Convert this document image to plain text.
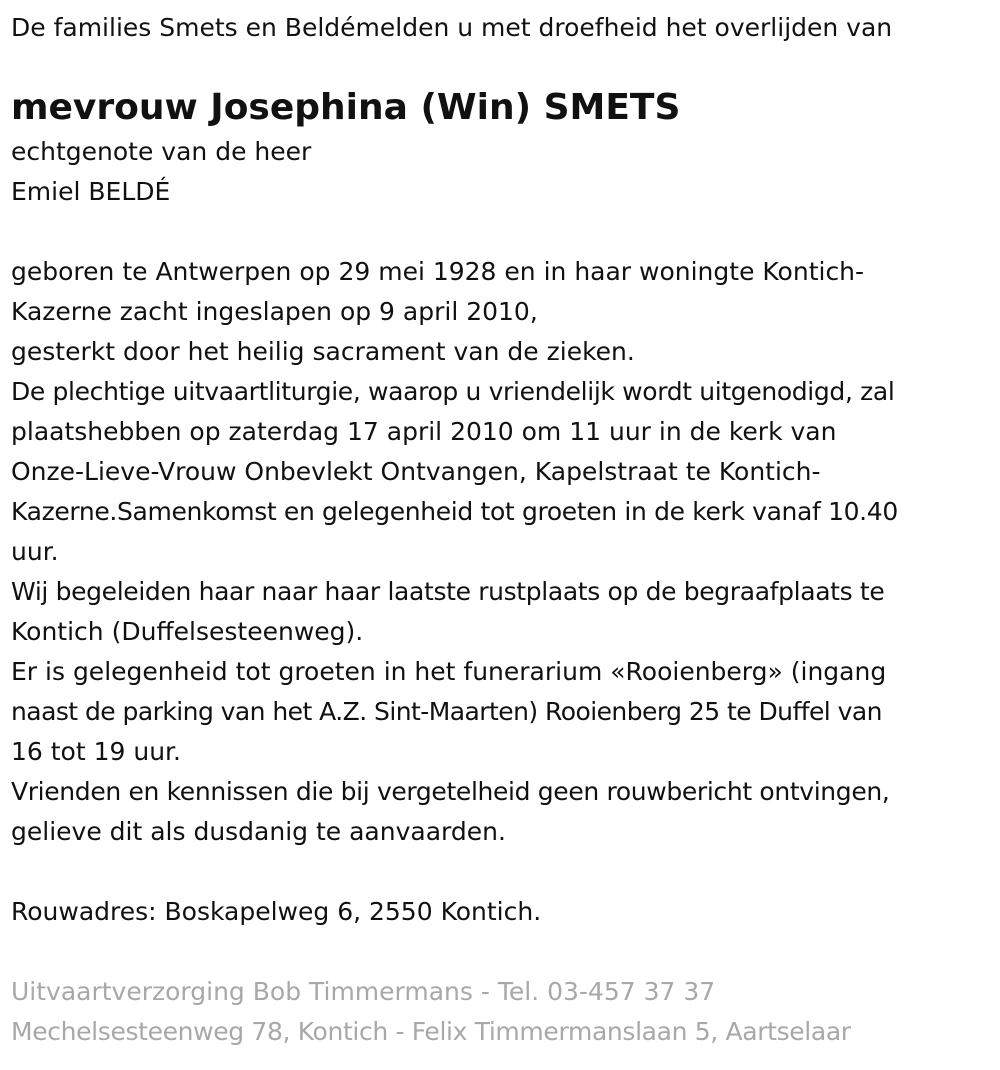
De families Smets en Beldémelden u met droefheid het overlijden van

mevrouw Josephina (Win) SMETS

echtgenote van de heer

Emiel BELDÉ

geboren te Antwerpen op 29 mei 1928 en in haar woningte Kontich-

Kazerne zacht ingeslapen op 9 april 2010,

gesterkt door het heilig sacrament van de zieken.

De plechtige uitvaartliturgie, waarop u vriendelijk wordt uitgenodigd, zal

plaatshebben op zaterdag 17 april 2010 om 11 uur in de kerk van

Onze-Lieve-Vrouw Onbevlekt Ontvangen, Kapelstraat te Kontich-

Kazerne.Samenkomst en gelegenheid tot groeten in de kerk vanaf 10.40

uur.

Wij begeleiden haar naar haar laatste rustplaats op de begraafplaats te

Kontich (Duffelsesteenweg).

Er is gelegenheid tot groeten in het funerarium «Rooienberg» (ingang

naast de parking van het A.Z. Sint-Maarten) Rooienberg 25 te Duffel van

16 tot 19 uur.

Vrienden en kennissen die bij vergetelheid geen rouwbericht ontvingen,

gelieve dit als dusdanig te aanvaarden.

Rouwadres: Boskapelweg 6, 2550 Kontich.

Uitvaartverzorging Bob Timmermans - Tel. 03-457 37 37

Mechelsesteenweg 78, Kontich - Felix Timmermanslaan 5, Aartselaar
